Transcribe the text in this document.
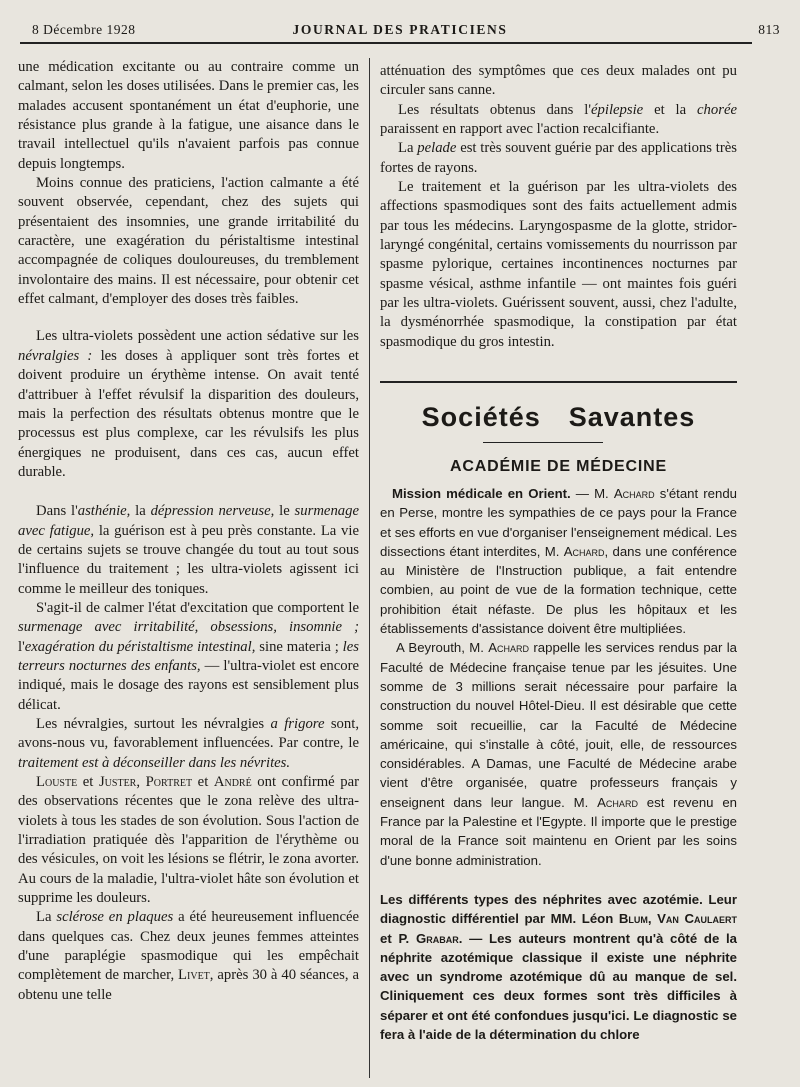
8 Décembre 1928	JOURNAL DES PRATICIENS	813

une médication excitante ou au contraire comme un calmant, selon les doses utilisées. Dans le premier cas, les malades accusent spontanément un état d'euphorie, une résistance plus grande à la fatigue, une aisance dans le travail intellectuel qu'ils n'avaient parfois pas connue depuis longtemps.

Moins connue des praticiens, l'action calmante a été souvent observée, cependant, chez des sujets qui présentaient des insomnies, une grande irritabilité du caractère, une exagération du péristaltisme intestinal accompagnée de coliques douloureuses, du tremblement involontaire des mains. Il est nécessaire, pour obtenir cet effet calmant, d'employer des doses très faibles.

Les ultra-violets possèdent une action sédative sur les névralgies : les doses à appliquer sont très fortes et doivent produire un érythème intense. On avait tenté d'attribuer à l'effet révulsif la disparition des douleurs, mais la perfection des résultats obtenus montre que le processus est plus complexe, car les révulsifs les plus énergiques ne produisent, dans ces cas, aucun effet durable.

Dans l'asthénie, la dépression nerveuse, le surmenage avec fatigue, la guérison est à peu près constante. La vie de certains sujets se trouve changée du tout au tout sous l'influence du traitement ; les ultra-violets agissent ici comme le meilleur des toniques.

S'agit-il de calmer l'état d'excitation que comportent le surmenage avec irritabilité, obsessions, insomnie ; l'exagération du péristaltisme intestinal, sine materia ; les terreurs nocturnes des enfants, — l'ultra-violet est encore indiqué, mais le dosage des rayons est sensiblement plus délicat.

Les névralgies, surtout les névralgies a frigore sont, avons-nous vu, favorablement influencées. Par contre, le traitement est à déconseiller dans les névrites.

Louste et Juster, Portret et André ont confirmé par des observations récentes que le zona relève des ultra-violets à tous les stades de son évolution. Sous l'action de l'irradiation pratiquée dès l'apparition de l'érythème ou des vésicules, on voit les lésions se flétrir, le zona avorter. Au cours de la maladie, l'ultra-violet hâte son évolution et supprime les douleurs.

La sclérose en plaques a été heureusement influencée dans quelques cas. Chez deux jeunes femmes atteintes d'une paraplégie spasmodique qui les empêchait complètement de marcher, Livet, après 30 à 40 séances, a obtenu une telle

atténuation des symptômes que ces deux malades ont pu circuler sans canne.

Les résultats obtenus dans l'épilepsie et la chorée paraissent en rapport avec l'action recalcifiante.

La pelade est très souvent guérie par des applications très fortes de rayons.

Le traitement et la guérison par les ultra-violets des affections spasmodiques sont des faits actuellement admis par tous les médecins. Laryngospasme de la glotte, stridor-laryngé congénital, certains vomissements du nourrisson par spasme pylorique, certaines incontinences nocturnes par spasme vésical, asthme infantile — ont maintes fois guéri par les ultra-violets. Guérissent souvent, aussi, chez l'adulte, la dysménorrhée spasmodique, la constipation par état spasmodique du gros intestin.

Sociétés Savantes
ACADÉMIE DE MÉDECINE

Mission médicale en Orient. — M. Achard s'étant rendu en Perse, montre les sympathies de ce pays pour la France et ses efforts en vue d'organiser l'enseignement médical. Les dissections étant interdites, M. Achard, dans une conférence au Ministère de l'Instruction publique, a fait entendre combien, au point de vue de la formation technique, cette prohibition était néfaste. De plus les hôpitaux et les établissements d'assistance doivent être multipliées.

A Beyrouth, M. Achard rappelle les services rendus par la Faculté de Médecine française tenue par les jésuites. Une somme de 3 millions serait nécessaire pour parfaire la construction du nouvel Hôtel-Dieu. Il est désirable que cette somme soit recueillie, car la Faculté de Médecine américaine, qui s'installe à côté, jouit, elle, de ressources considérables. A Damas, une Faculté de Médecine arabe vient d'être organisée, quatre professeurs français y enseignent dans leur langue. M. Achard est revenu en France par la Palestine et l'Egypte. Il importe que le prestige moral de la France soit maintenu en Orient par les soins d'une bonne administration.

Les différents types des néphrites avec azotémie. Leur diagnostic différentiel par MM. Léon Blum, Van Caulaert et P. Grabar. — Les auteurs montrent qu'à côté de la néphrite azotémique classique il existe une néphrite avec un syndrome azotémique dû au manque de sel. Cliniquement ces deux formes sont très difficiles à séparer et ont été confondues jusqu'ici. Le diagnostic se fera à l'aide de la détermination du chlore
